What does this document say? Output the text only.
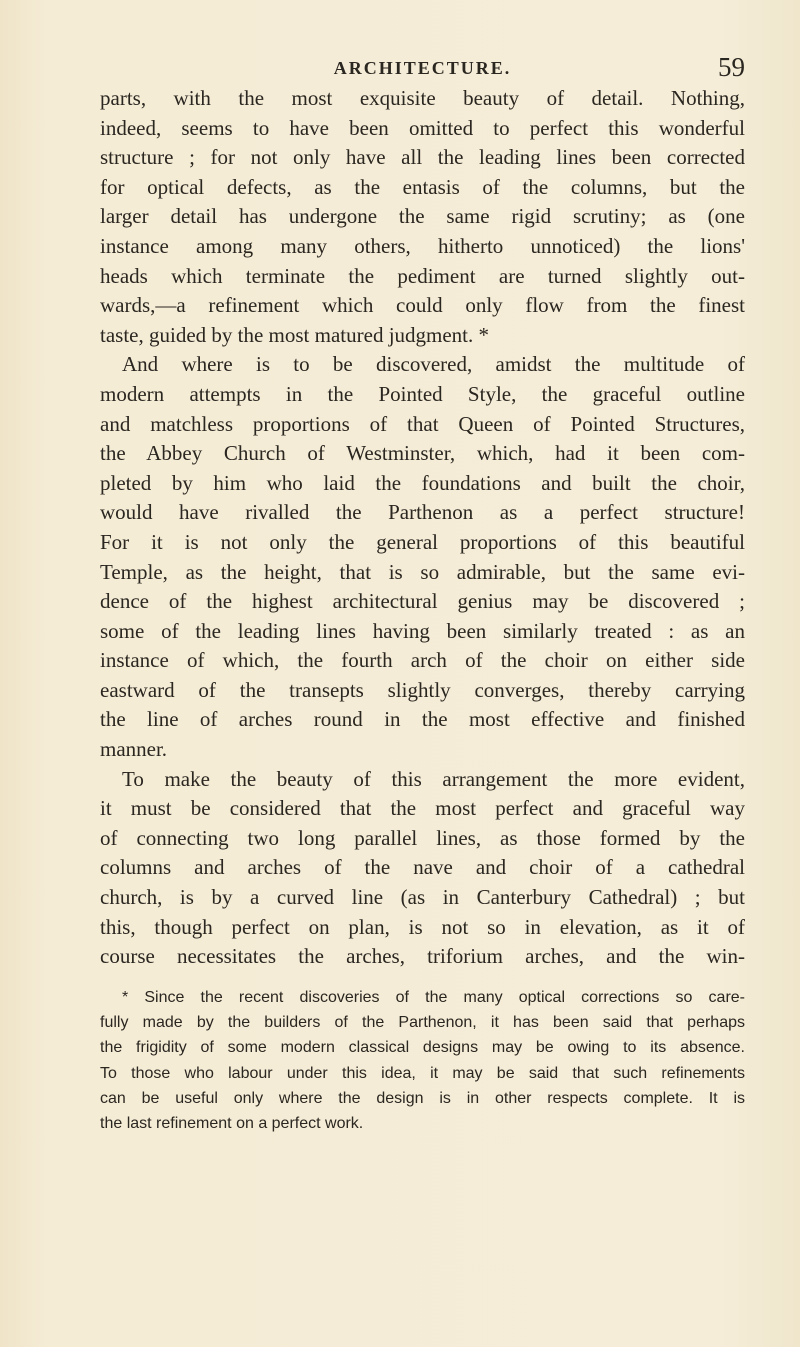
ARCHITECTURE.	59
parts, with the most exquisite beauty of detail. Nothing,
indeed, seems to have been omitted to perfect this wonderful
structure ; for not only have all the leading lines been corrected
for optical defects, as the entasis of the columns, but the
larger detail has undergone the same rigid scrutiny; as (one
instance among many others, hitherto unnoticed) the lions'
heads which terminate the pediment are turned slightly out-
wards,—a refinement which could only flow from the finest
taste, guided by the most matured judgment. *
And where is to be discovered, amidst the multitude of
modern attempts in the Pointed Style, the graceful outline
and matchless proportions of that Queen of Pointed Structures,
the Abbey Church of Westminster, which, had it been com-
pleted by him who laid the foundations and built the choir,
would have rivalled the Parthenon as a perfect structure!
For it is not only the general proportions of this beautiful
Temple, as the height, that is so admirable, but the same evi-
dence of the highest architectural genius may be discovered ;
some of the leading lines having been similarly treated : as an
instance of which, the fourth arch of the choir on either side
eastward of the transepts slightly converges, thereby carrying
the line of arches round in the most effective and finished
manner.
To make the beauty of this arrangement the more evident,
it must be considered that the most perfect and graceful way
of connecting two long parallel lines, as those formed by the
columns and arches of the nave and choir of a cathedral
church, is by a curved line (as in Canterbury Cathedral) ; but
this, though perfect on plan, is not so in elevation, as it of
course necessitates the arches, triforium arches, and the win-
* Since the recent discoveries of the many optical corrections so care-
fully made by the builders of the Parthenon, it has been said that perhaps
the frigidity of some modern classical designs may be owing to its absence.
To those who labour under this idea, it may be said that such refinements
can be useful only where the design is in other respects complete. It is
the last refinement on a perfect work.
